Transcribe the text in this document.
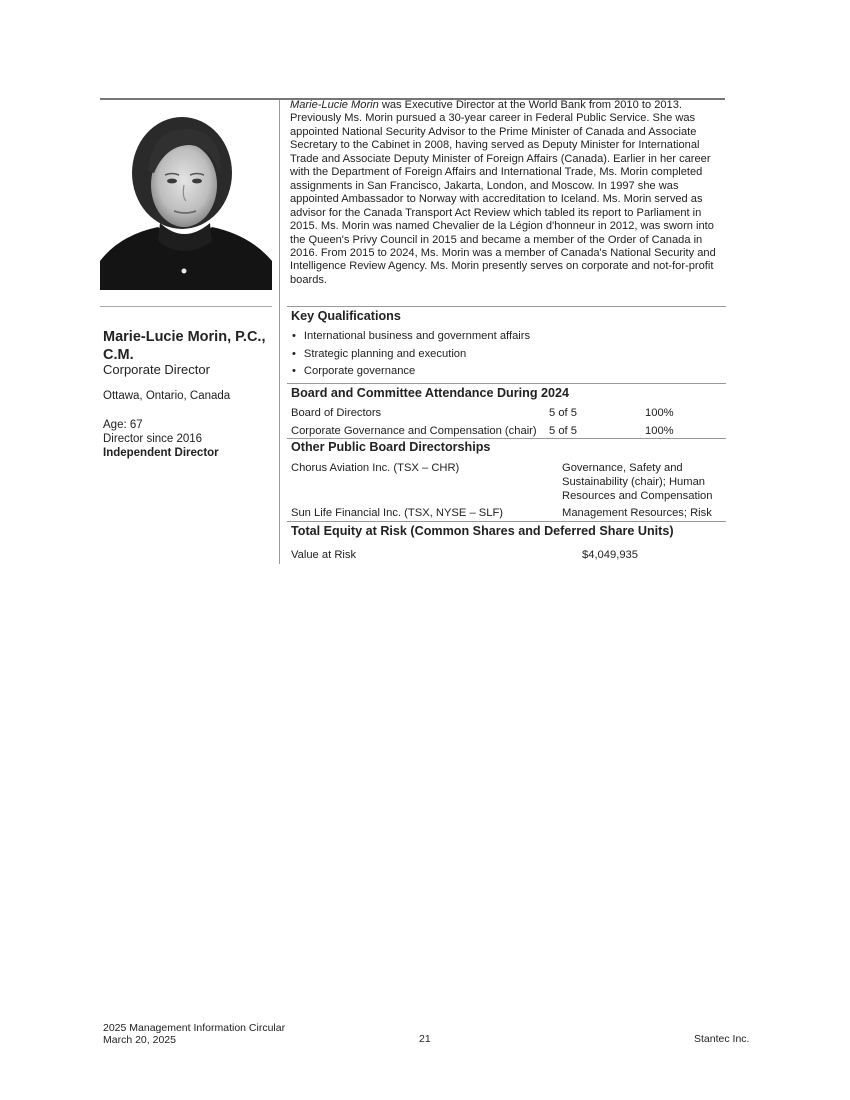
Marie-Lucie Morin, P.C., C.M.
Corporate Director
Ottawa, Ontario, Canada
Age: 67
Director since 2016
Independent Director

Marie-Lucie Morin was Executive Director at the World Bank from 2010 to 2013. Previously Ms. Morin pursued a 30-year career in Federal Public Service. She was appointed National Security Advisor to the Prime Minister of Canada and Associate Secretary to the Cabinet in 2008, having served as Deputy Minister for International Trade and Associate Deputy Minister of Foreign Affairs (Canada). Earlier in her career with the Department of Foreign Affairs and International Trade, Ms. Morin completed assignments in San Francisco, Jakarta, London, and Moscow. In 1997 she was appointed Ambassador to Norway with accreditation to Iceland. Ms. Morin served as advisor for the Canada Transport Act Review which tabled its report to Parliament in 2015. Ms. Morin was named Chevalier de la Légion d'honneur in 2012, was sworn into the Queen's Privy Council in 2015 and became a member of the Order of Canada in 2016. From 2015 to 2024, Ms. Morin was a member of Canada's National Security and Intelligence Review Agency. Ms. Morin presently serves on corporate and not-for-profit boards.

Key Qualifications
• International business and government affairs
• Strategic planning and execution
• Corporate governance
Board and Committee Attendance During 2024
Board of Directors	5 of 5	100%
Corporate Governance and Compensation (chair) 5 of 5	100%
Other Public Board Directorships
Chorus Aviation Inc. (TSX – CHR)	Governance, Safety and
Sustainability (chair); Human
Resources and Compensation
Sun Life Financial Inc. (TSX, NYSE – SLF)	Management Resources; Risk
Total Equity at Risk (Common Shares and Deferred Share Units)
Value at Risk	$4,049,935
2025 Management Information Circular
March 20, 2025	21	Stantec Inc.
